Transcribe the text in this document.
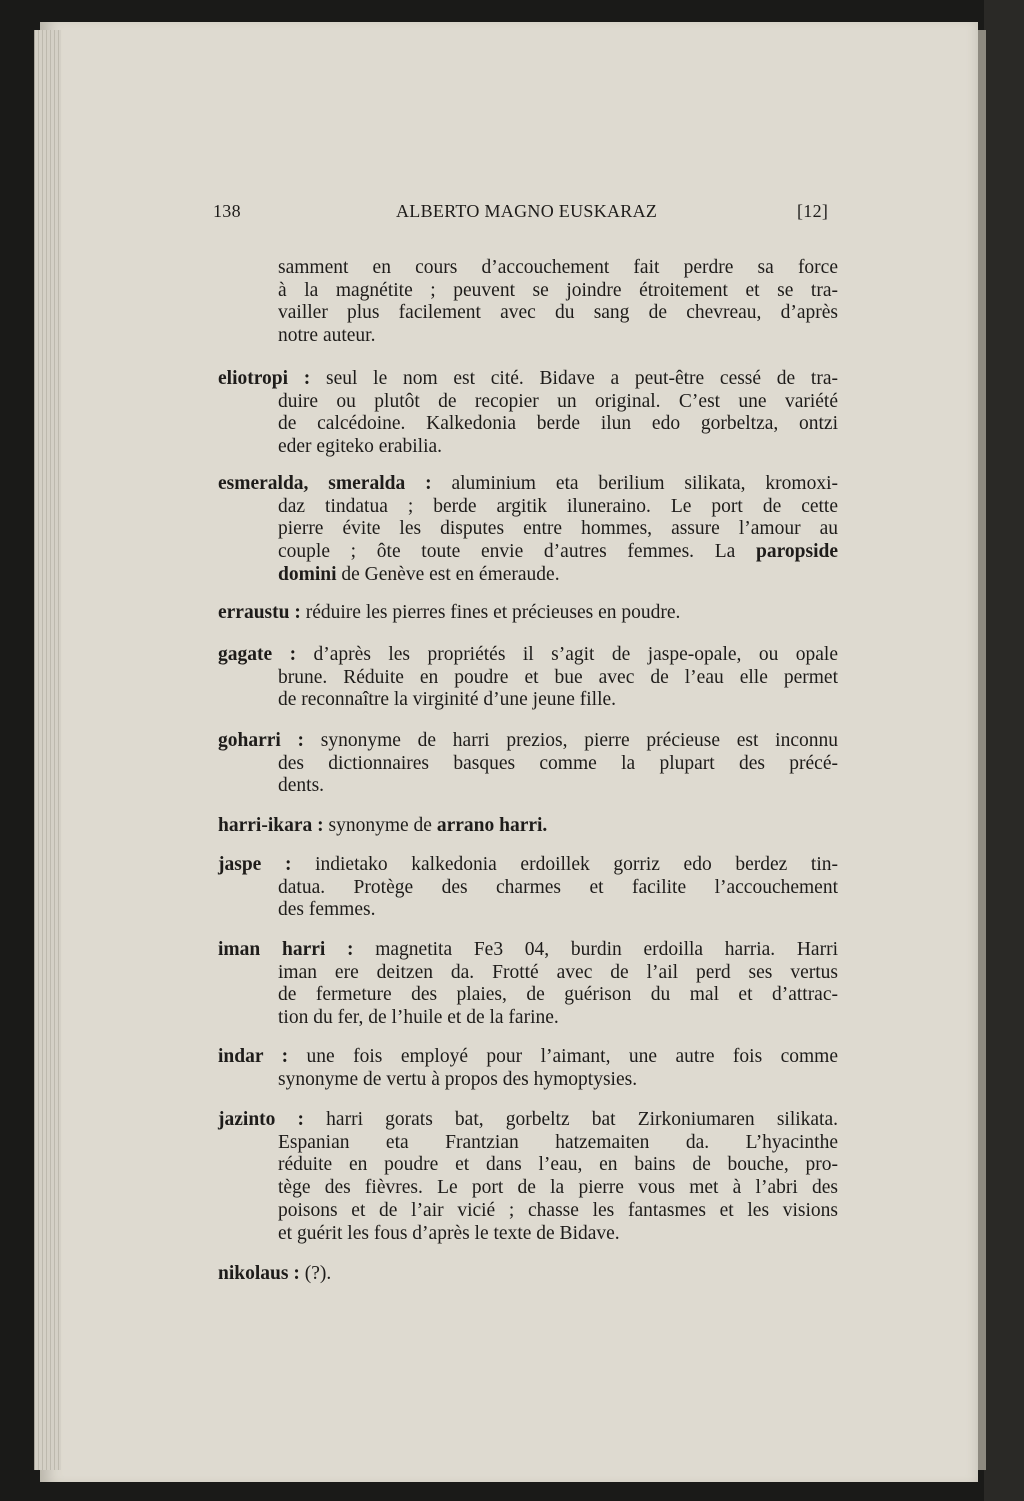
138	ALBERTO MAGNO EUSKARAZ	[12]
samment en cours d’accouchement fait perdre sa force
à la magnétite ; peuvent se joindre étroitement et se tra-
vailler plus facilement avec du sang de chevreau, d’après
notre auteur.
eliotropi : seul le nom est cité. Bidave a peut-être cessé de tra-
duire ou plutôt de recopier un original. C’est une variété
de calcédoine. Kalkedonia berde ilun edo gorbeltza, ontzi
eder egiteko erabilia.
esmeralda, smeralda : aluminium eta berilium silikata, kromoxi-
daz tindatua ; berde argitik iluneraino. Le port de cette
pierre évite les disputes entre hommes, assure l’amour au
couple ; ôte toute envie d’autres femmes. La paropside
domini de Genève est en émeraude.
erraustu : réduire les pierres fines et précieuses en poudre.
gagate : d’après les propriétés il s’agit de jaspe-opale, ou opale
brune. Réduite en poudre et bue avec de l’eau elle permet
de reconnaître la virginité d’une jeune fille.
goharri : synonyme de harri prezios, pierre précieuse est inconnu
des dictionnaires basques comme la plupart des précé-
dents.
harri-ikara : synonyme de arrano harri.
jaspe : indietako kalkedonia erdoillek gorriz edo berdez tin-
datua. Protège des charmes et facilite l’accouchement
des femmes.
iman harri : magnetita Fe3 04, burdin erdoilla harria. Harri
iman ere deitzen da. Frotté avec de l’ail perd ses vertus
de fermeture des plaies, de guérison du mal et d’attrac-
tion du fer, de l’huile et de la farine.
indar : une fois employé pour l’aimant, une autre fois comme
synonyme de vertu à propos des hymoptysies.
jazinto : harri gorats bat, gorbeltz bat Zirkoniumaren silikata.
Espanian eta Frantzian hatzemaiten da. L’hyacinthe
réduite en poudre et dans l’eau, en bains de bouche, pro-
tège des fièvres. Le port de la pierre vous met à l’abri des
poisons et de l’air vicié ; chasse les fantasmes et les visions
et guérit les fous d’après le texte de Bidave.
nikolaus : (?).
